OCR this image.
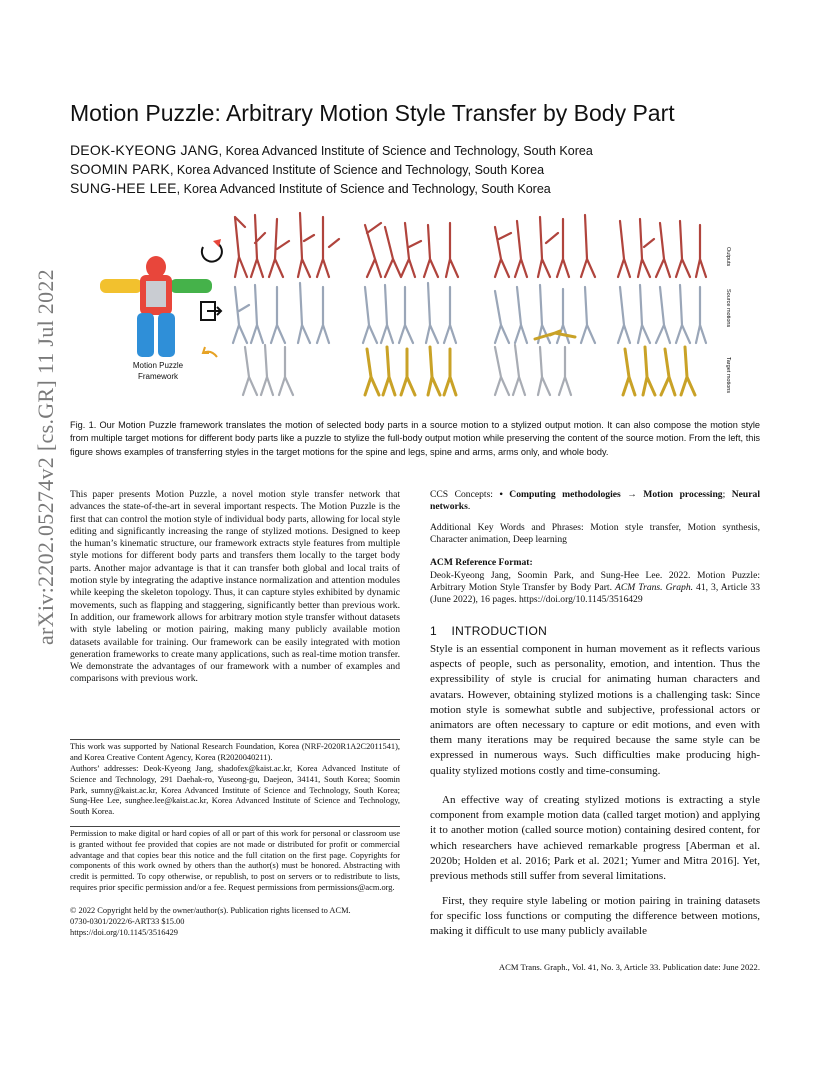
arXiv:2202.05274v2 [cs.GR] 11 Jul 2022
Motion Puzzle: Arbitrary Motion Style Transfer by Body Part
DEOK-KYEONG JANG, Korea Advanced Institute of Science and Technology, South Korea
SOOMIN PARK, Korea Advanced Institute of Science and Technology, South Korea
SUNG-HEE LEE, Korea Advanced Institute of Science and Technology, South Korea
Motion Puzzle
Framework
Outputs
Source motions
Target motions
Fig. 1. Our Motion Puzzle framework translates the motion of selected body parts in a source motion to a stylized output motion. It can also compose the motion style from multiple target motions for different body parts like a puzzle to stylize the full-body output motion while preserving the content of the source motion. From the left, this figure shows examples of transferring styles in the target motions for the spine and legs, spine and arms, arms only, and whole body.
This paper presents Motion Puzzle, a novel motion style transfer network that advances the state-of-the-art in several important respects. The Motion Puzzle is the first that can control the motion style of individual body parts, allowing for local style editing and significantly increasing the range of stylized motions. Designed to keep the human’s kinematic structure, our framework extracts style features from multiple style motions for different body parts and transfers them locally to the target body parts. Another major advantage is that it can transfer both global and local traits of motion style by integrating the adaptive instance normalization and attention modules while keeping the skeleton topology. Thus, it can capture styles exhibited by dynamic movements, such as flapping and staggering, significantly better than previous work. In addition, our framework allows for arbitrary motion style transfer without datasets with style labeling or motion pairing, making many publicly available motion datasets available for training. Our framework can be easily integrated with motion generation frameworks to create many applications, such as real-time motion transfer. We demonstrate the advantages of our framework with a number of examples and comparisons with previous work.
This work was supported by National Research Foundation, Korea (NRF-2020R1A2C2011541), and Korea Creative Content Agency, Korea (R2020040211).
Authors’ addresses: Deok-Kyeong Jang, shadofex@kaist.ac.kr, Korea Advanced Institute of Science and Technology, 291 Daehak-ro, Yuseong-gu, Daejeon, 34141, South Korea; Soomin Park, sumny@kaist.ac.kr, Korea Advanced Institute of Science and Technology, South Korea; Sung-Hee Lee, sunghee.lee@kaist.ac.kr, Korea Advanced Institute of Science and Technology, South Korea.
Permission to make digital or hard copies of all or part of this work for personal or classroom use is granted without fee provided that copies are not made or distributed for profit or commercial advantage and that copies bear this notice and the full citation on the first page. Copyrights for components of this work owned by others than the author(s) must be honored. Abstracting with credit is permitted. To copy otherwise, or republish, to post on servers or to redistribute to lists, requires prior specific permission and/or a fee. Request permissions from permissions@acm.org.
© 2022 Copyright held by the owner/author(s). Publication rights licensed to ACM.
0730-0301/2022/6-ART33 $15.00
https://doi.org/10.1145/3516429
CCS Concepts: • Computing methodologies → Motion processing; Neural networks.
Additional Key Words and Phrases: Motion style transfer, Motion synthesis, Character animation, Deep learning
ACM Reference Format:
Deok-Kyeong Jang, Soomin Park, and Sung-Hee Lee. 2022. Motion Puzzle: Arbitrary Motion Style Transfer by Body Part. ACM Trans. Graph. 41, 3, Article 33 (June 2022), 16 pages. https://doi.org/10.1145/3516429
1 INTRODUCTION
Style is an essential component in human movement as it reflects various aspects of people, such as personality, emotion, and intention. Thus the expressibility of style is crucial for animating human characters and avatars. However, obtaining stylized motions is a challenging task: Since motion style is somewhat subtle and subjective, professional actors or animators are often necessary to capture or edit motions, and even with them many iterations may be required because the same style can be expressed in numerous ways. Such difficulties make producing high-quality stylized motions costly and time-consuming.
An effective way of creating stylized motions is extracting a style component from example motion data (called target motion) and applying it to another motion (called source motion) containing desired content, for which researchers have achieved remarkable progress [Aberman et al. 2020b; Holden et al. 2016; Park et al. 2021; Yumer and Mitra 2016]. Yet, previous methods still suffer from several limitations.
First, they require style labeling or motion pairing in training datasets for specific loss functions or computing the difference between motions, making it difficult to use many publicly available
ACM Trans. Graph., Vol. 41, No. 3, Article 33. Publication date: June 2022.
